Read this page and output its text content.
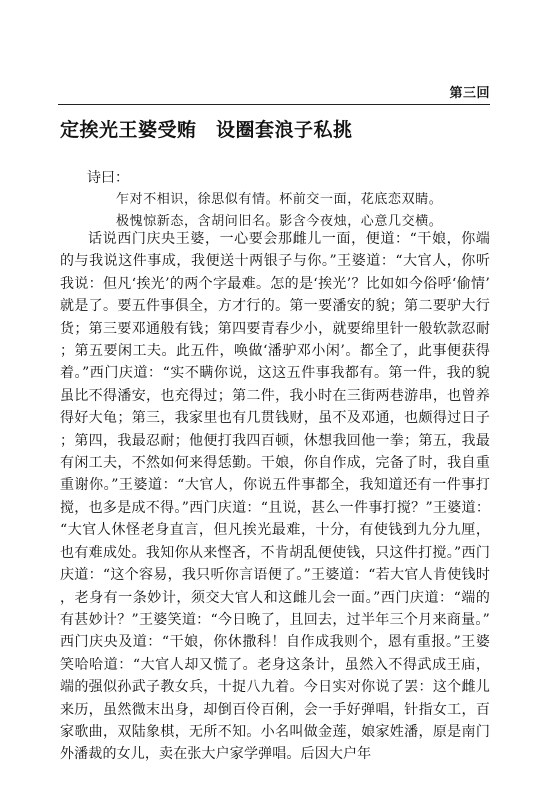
第三回
定挨光王婆受贿　设圈套浪子私挑
诗曰：
乍对不相识，徐思似有情。杯前交一面，花底恋双睛。
极愧惊新态，含胡问旧名。影含今夜烛，心意几交横。
话说西门庆央王婆，一心要会那雌儿一面，便道：“干娘，你端的与我说这件事成，我便送十两银子与你。”王婆道：“大官人，你听我说：但凡‘挨光’的两个字最难。怎的是‘挨光’？比如如今俗呼‘偷情’就是了。要五件事俱全，方才行的。第一要潘安的貌；第二要驴大行货；第三要邓通般有钱；第四要青春少小，就要绵里针一般软款忍耐；第五要闲工夫。此五件，唤做‘潘驴邓小闲’。都全了，此事便获得着。”西门庆道：“实不瞒你说，这这五件事我都有。第一件，我的貌虽比不得潘安，也充得过；第二件，我小时在三街两巷游串，也曾养得好大龟；第三，我家里也有几贯钱财，虽不及邓通，也颇得过日子；第四，我最忍耐；他便打我四百顿，休想我回他一拳；第五，我最有闲工夫，不然如何来得恁勤。干娘，你自作成，完备了时，我自重重谢你。”王婆道：“大官人，你说五件事都全，我知道还有一件事打搅，也多是成不得。”西门庆道：“且说，甚么一件事打搅？”王婆道：“大官人休怪老身直言，但凡挨光最难，十分，有使钱到九分九厘，也有难成处。我知你从来悭吝，不肯胡乱便使钱，只这件打搅。”西门庆道：“这个容易，我只听你言语便了。”王婆道：“若大官人肯使钱时，老身有一条妙计，须交大官人和这雌儿会一面。”西门庆道：“端的有甚妙计？”王婆笑道：“今日晚了，且回去，过半年三个月来商量。”西门庆央及道：“干娘，你休撒科！自作成我则个，恩有重报。”王婆笑哈哈道：“大官人却又慌了。老身这条计，虽然入不得武成王庙，端的强似孙武子教女兵，十捉八九着。今日实对你说了罢：这个雌儿来历，虽然微末出身，却倒百伶百俐，会一手好弹唱，针指女工，百家歌曲，双陆象棋，无所不知。小名叫做金莲，娘家姓潘，原是南门外潘裁的女儿，卖在张大户家学弹唱。后因大户年
